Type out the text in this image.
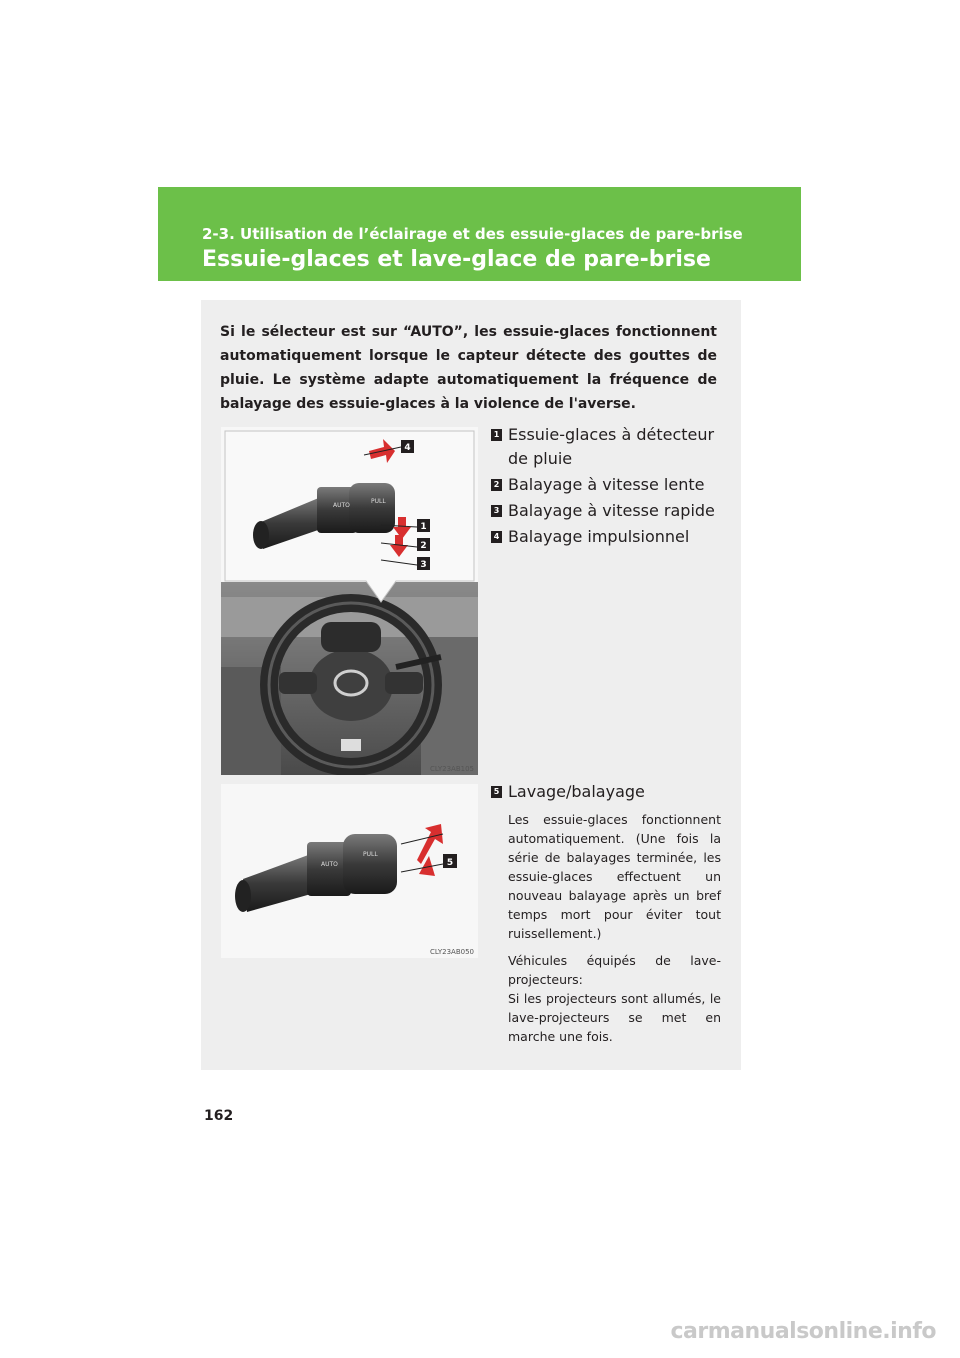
2-3. Utilisation de l’éclairage et des essuie-glaces de pare-brise
Essuie-glaces et lave-glace de pare-brise
Si le sélecteur est sur “AUTO”, les essuie-glaces fonctionnent automatiquement lorsque le capteur détecte des gouttes de pluie. Le système adapte automatiquement la fréquence de balayage des essuie-glaces à la violence de l'averse.
AUTO
PULL
4
1
2
3
CLY23AB105
AUTO
PULL
5
CLY23AB050
1 Essuie-glaces à détecteur de pluie
2 Balayage à vitesse lente
3 Balayage à vitesse rapide
4 Balayage impulsionnel
5 Lavage/balayage

Les essuie-glaces fonctionnent automatiquement. (Une fois la série de balayages terminée, les essuie-glaces effectuent un nouveau balayage après un bref temps mort pour éviter tout ruissellement.)

Véhicules équipés de lave-projecteurs:

Si les projecteurs sont allumés, le lave-projecteurs se met en marche une fois.

162
carmanualsonline.info
